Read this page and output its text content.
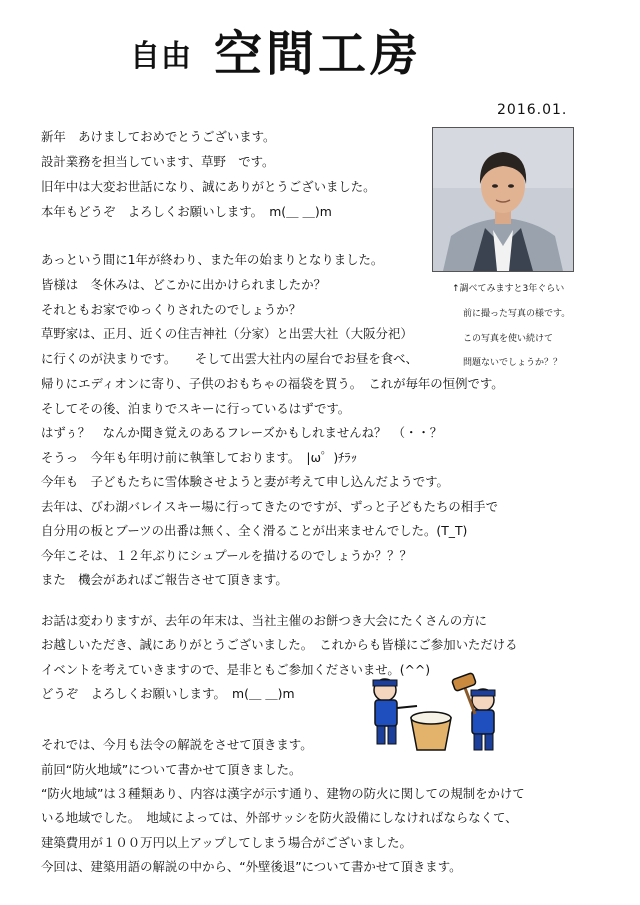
自由 空間工房
2016.01.
↑調べてみますと3年ぐらい
前に撮った写真の様です。
この写真を使い続けて
問題ないでしょうか？？
新年　あけましておめでとうございます。
設計業務を担当しています、草野　です。
旧年中は大変お世話になり、誠にありがとうございました。
本年もどうぞ　よろしくお願いします。　m(＿ ＿)m
あっという間に1年が終わり、また年の始まりとなりました。
皆様は　冬休みは、どこかに出かけられましたか？
それともお家でゆっくりされたのでしょうか？
草野家は、正月、近くの住吉神社（分家）と出雲大社（大阪分祀）
に行くのが決まりです。　　そして出雲大社内の屋台でお昼を食べ、
帰りにエディオンに寄り、子供のおもちゃの福袋を買う。　これが毎年の恒例です。
そしてその後、泊まりでスキーに行っているはずです。
はずぅ？　なんか聞き覚えのあるフレーズかもしれませんね？　（・・？
そうっ　今年も年明け前に執筆しております。　|ω゜)ﾁﾗｯ
今年も　子どもたちに雪体験させようと妻が考えて申し込んだようです。
去年は、びわ湖バレイスキー場に行ってきたのですが、ずっと子どもたちの相手で
自分用の板とブーツの出番は無く、全く滑ることが出来ませんでした。(T_T)
今年こそは、１２年ぶりにシュプールを描けるのでしょうか？？？
また　機会があればご報告させて頂きます。
お話は変わりますが、去年の年末は、当社主催のお餅つき大会にたくさんの方に
お越しいただき、誠にありがとうございました。　これからも皆様にご参加いただける
イベントを考えていきますので、是非ともご参加くださいませ。(^^)
どうぞ　よろしくお願いします。　m(＿ ＿)m
それでは、今月も法令の解説をさせて頂きます。
前回“防火地域”について書かせて頂きました。
“防火地域”は３種類あり、内容は漢字が示す通り、建物の防火に関しての規制をかけて
いる地域でした。　地域によっては、外部サッシを防火設備にしなければならなくて、
建築費用が１００万円以上アップしてしまう場合がございました。
今回は、建築用語の解説の中から、“外壁後退”について書かせて頂きます。
